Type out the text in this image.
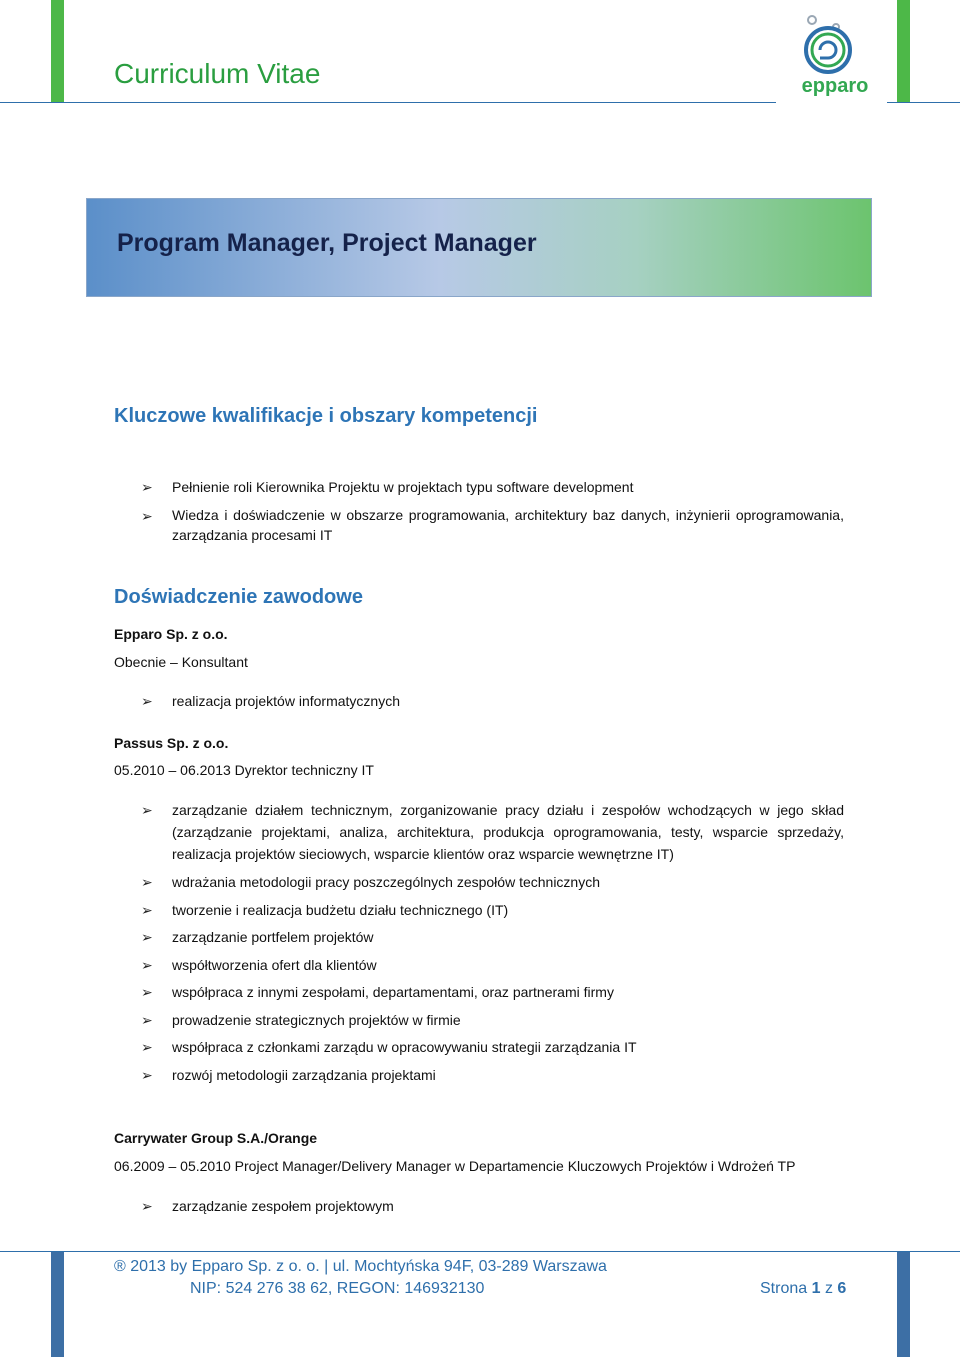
Curriculum Vitae	epparo
Program Manager, Project Manager
Kluczowe kwalifikacje i obszary kompetencji
➢ Pełnienie roli Kierownika Projektu w projektach typu software development
➢ Wiedza i doświadczenie w obszarze programowania, architektury baz danych, inżynierii oprogramowania, zarządzania procesami IT
Doświadczenie zawodowe
Epparo Sp. z o.o.
Obecnie – Konsultant
➢ realizacja projektów informatycznych
Passus Sp. z o.o.
05.2010 – 06.2013 Dyrektor techniczny IT
➢ zarządzanie działem technicznym, zorganizowanie pracy działu i zespołów wchodzących w jego skład (zarządzanie projektami, analiza, architektura, produkcja oprogramowania, testy, wsparcie sprzedaży, realizacja projektów sieciowych, wsparcie klientów oraz wsparcie wewnętrzne IT)
➢ wdrażania metodologii pracy poszczególnych zespołów technicznych
➢ tworzenie i realizacja budżetu działu technicznego (IT)
➢ zarządzanie portfelem projektów
➢ współtworzenia ofert dla klientów
➢ współpraca z innymi zespołami, departamentami, oraz partnerami firmy
➢ prowadzenie strategicznych projektów w firmie
➢ współpraca z członkami zarządu w opracowywaniu strategii zarządzania IT
➢ rozwój metodologii zarządzania projektami
Carrywater Group S.A./Orange
06.2009 – 05.2010 Project Manager/Delivery Manager w Departamencie Kluczowych Projektów i Wdrożeń TP
➢ zarządzanie zespołem projektowym
® 2013 by Epparo Sp. z o. o. | ul. Mochtyńska 94F, 03-289 Warszawa
NIP: 524 276 38 62, REGON: 146932130	Strona 1 z 6
